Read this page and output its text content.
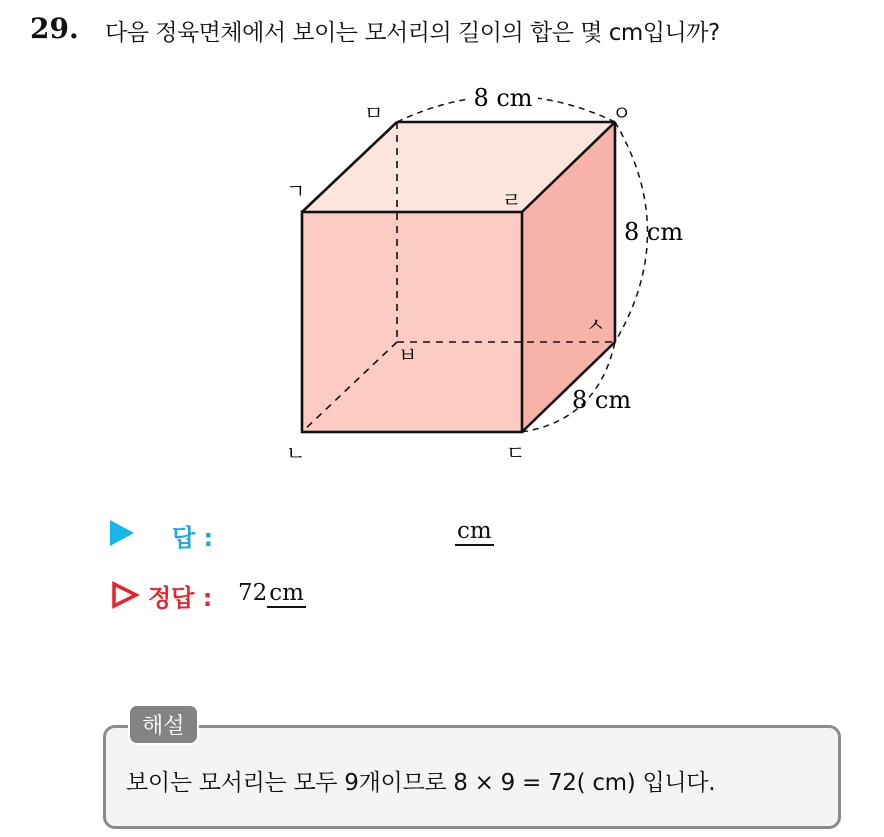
29. 다음 정육면체에서 보이는 모서리의 길이의 합은 몇 cm입니까?
8 cm
8 cm
8 cm
ㅁ	ㅇ
ㄱ	ㄹ
ㅂ
ㅅ
ㄴ	ㄷ
답 :	cm
정답 : 72cm
해설
보이는 모서리는 모두 9개이므로 8 × 9 = 72( cm) 입니다.
